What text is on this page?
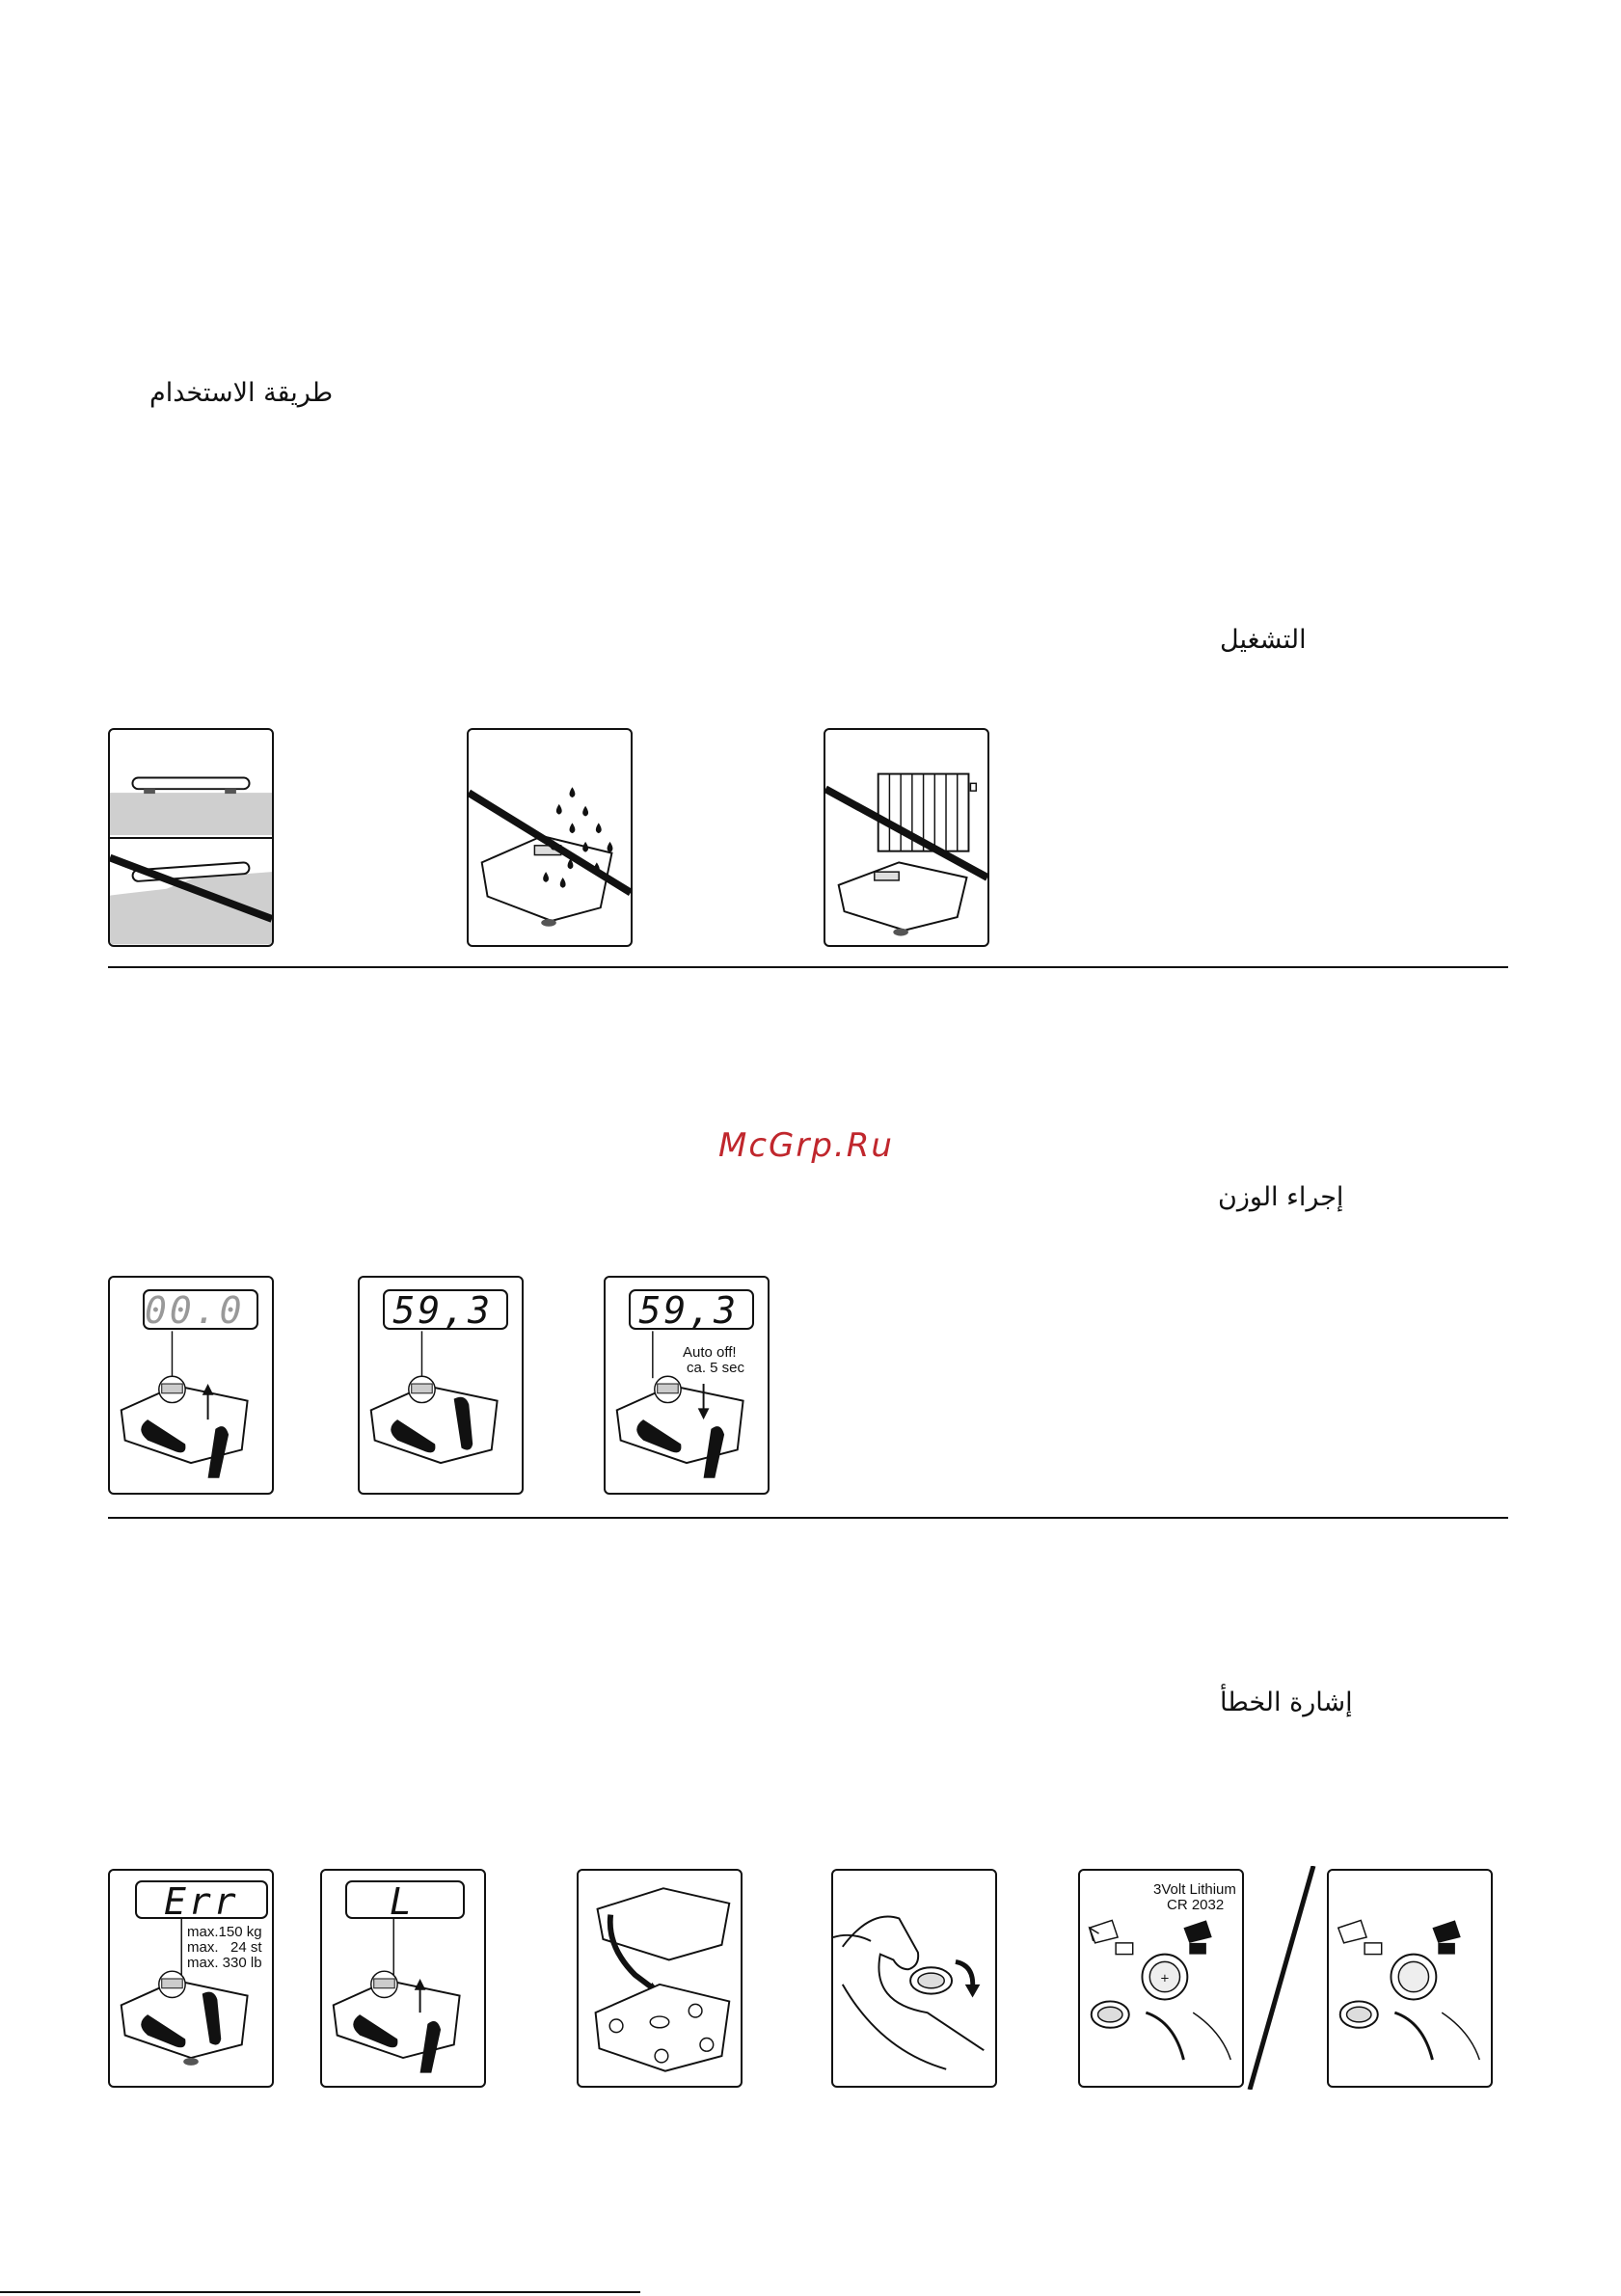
طريقة الاستخدام
التشغيل
إجراء الوزن
إشارة الخطأ
McGrp.Ru
00.0	59,3	59,3
Auto off!
ca. 5 sec
Err
max.150 kg
max.   24 st
max. 330 lb
L	3Volt Lithium
CR 2032
+
